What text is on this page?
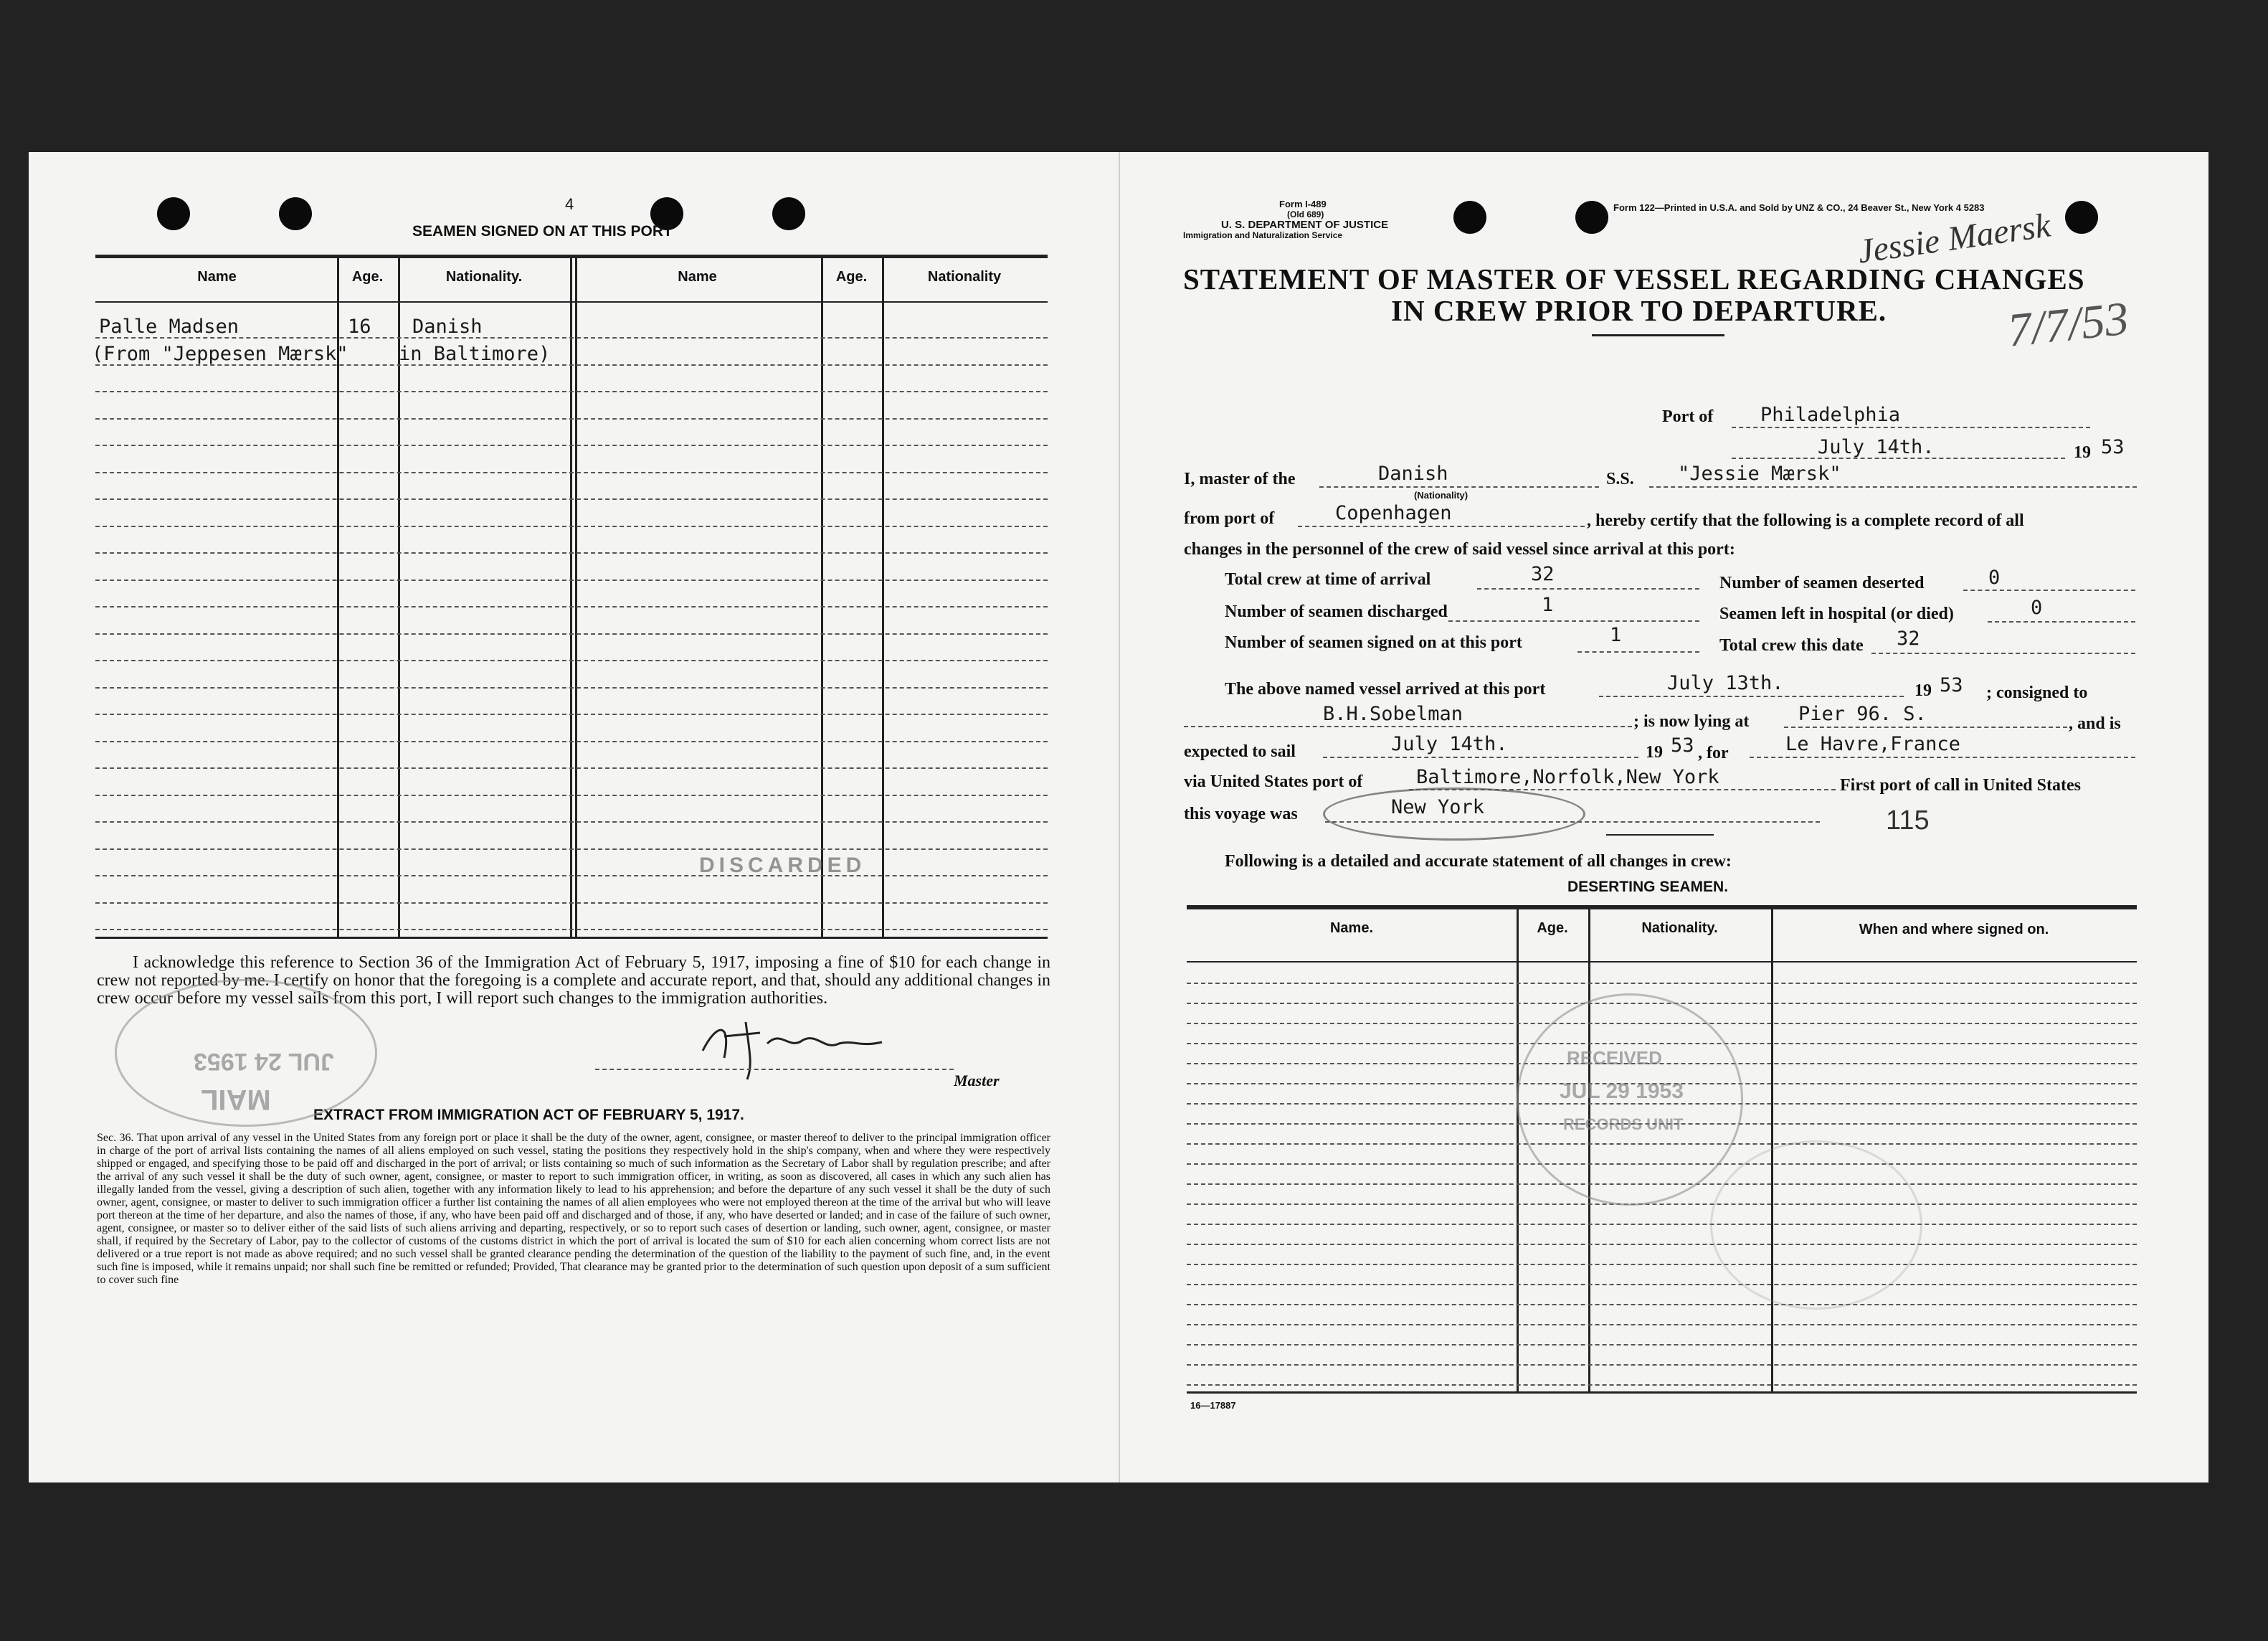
4
SEAMEN SIGNED ON AT THIS PORT
Name	Age.	Nationality.	Name	Age.	Nationality
Palle Madsen	16 Danish
(From "Jeppesen Mærsk"	in Baltimore)
DISCARDED
I acknowledge this reference to Section 36 of the Immigration Act of February 5, 1917, imposing a fine of $10 for each change in crew not reported by me. I certify on honor that the foregoing is a complete and accurate report, and that, should any additional changes in crew occur before my vessel sails from this port, I will report such changes to the immigration authorities.
Master
EXTRACT FROM IMMIGRATION ACT OF FEBRUARY 5, 1917.
Sec. 36. That upon arrival of any vessel in the United States from any foreign port or place it shall be the duty of the owner, agent, consignee, or master thereof to deliver to the principal immigration officer in charge of the port of arrival lists containing the names of all aliens employed on such vessel, stating the positions they respectively hold in the ship's company, when and where they were respectively shipped or engaged, and specifying those to be paid off and discharged in the port of arrival; or lists containing so much of such information as the Secretary of Labor shall by regulation prescribe; and after the arrival of any such vessel it shall be the duty of such owner, agent, consignee, or master to report to such immigration officer, in writing, as soon as discovered, all cases in which any such alien has illegally landed from the vessel, giving a description of such alien, together with any information likely to lead to his apprehension; and before the departure of any such vessel it shall be the duty of such owner, agent, consignee, or master to deliver to such immigration officer a further list containing the names of all alien employees who were not employed thereon at the time of the arrival but who will leave port thereon at the time of her departure, and also the names of those, if any, who have been paid off and discharged and of those, if any, who have deserted or landed; and in case of the failure of such owner, agent, consignee, or master so to deliver either of the said lists of such aliens arriving and departing, respectively, or so to report such cases of desertion or landing, such owner, agent, consignee, or master shall, if required by the Secretary of Labor, pay to the collector of customs of the customs district in which the port of arrival is located the sum of $10 for each alien concerning whom correct lists are not delivered or a true report is not made as above required; and no such vessel shall be granted clearance pending the determination of the question of the liability to the payment of such fine, and, in the event such fine is imposed, while it remains unpaid; nor shall such fine be remitted or refunded; Provided, That clearance may be granted prior to the determination of such question upon deposit of a sum sufficient to cover such fine
JUL 24 1953
MAIL
Form I-489
(Old 689)
U. S. DEPARTMENT OF JUSTICE
Immigration and Naturalization Service
Form 122—Printed in U.S.A. and Sold by UNZ & CO., 24 Beaver St., New York 4 5283
STATEMENT OF MASTER OF VESSEL REGARDING CHANGES
IN CREW PRIOR TO DEPARTURE.
Jessie Maersk
7/7/53
Port of Philadelphia
July 14th.	19 53
I, master of the	Danish
(Nationality)
S.S. "Jessie Mærsk"
from port of	Copenhagen	, hereby certify that the following is a complete record of all
changes in the personnel of the crew of said vessel since arrival at this port:
Total crew at time of arrival	32	Number of seamen deserted	0
Number of seamen discharged	1	Seamen left in hospital (or died)	0
Number of seamen signed on at this port	1	Total crew this date 32
The above named vessel arrived at this port	July 13th.	19 53 ; consigned to
B.H.Sobelman	; is now lying at	Pier 96. S.	, and is
expected to sail	July 14th.	19 53 , for	Le Havre,France
via United States port of	Baltimore,Norfolk,New York	First port of call in United States
this voyage was	New York	115
Following is a detailed and accurate statement of all changes in crew:
DESERTING SEAMEN.
Name.	Age.	Nationality.	When and where signed on.
16—17887
RECEIVED
JUL 29 1953
RECORDS UNIT
